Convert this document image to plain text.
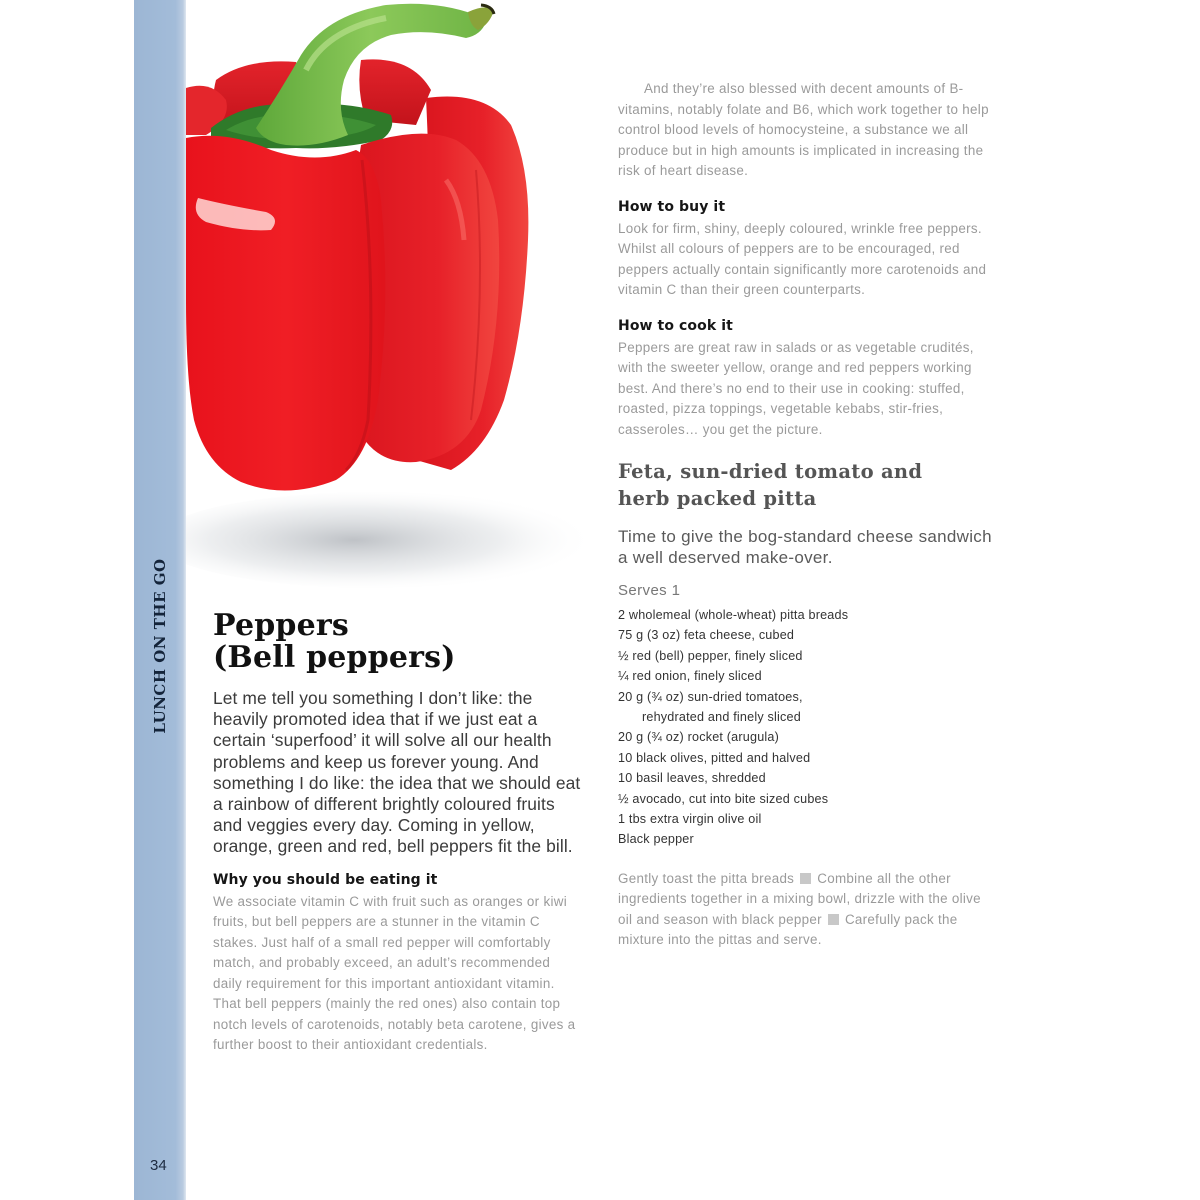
LUNCH ON THE GO
34
Peppers
(Bell peppers)

Let me tell you something I don’t like: the heavily promoted idea that if we just eat a certain ‘superfood’ it will solve all our health problems and keep us forever young. And something I do like: the idea that we should eat a rainbow of different brightly coloured fruits and veggies every day. Coming in yellow, orange, green and red, bell peppers fit the bill.

Why you should be eating it

We associate vitamin C with fruit such as oranges or kiwi fruits, but bell peppers are a stunner in the vitamin C stakes. Just half of a small red pepper will comfortably match, and probably exceed, an adult’s recommended daily requirement for this important antioxidant vitamin. That bell peppers (mainly the red ones) also contain top notch levels of carotenoids, notably beta carotene, gives a further boost to their antioxidant credentials.

And they’re also blessed with decent amounts of B-vitamins, notably folate and B6, which work together to help control blood levels of homocysteine, a substance we all produce but in high amounts is implicated in increasing the risk of heart disease.

How to buy it

Look for firm, shiny, deeply coloured, wrinkle free peppers. Whilst all colours of peppers are to be encouraged, red peppers actually contain significantly more carotenoids and vitamin C than their green counterparts.

How to cook it

Peppers are great raw in salads or as vegetable crudités, with the sweeter yellow, orange and red peppers working best. And there’s no end to their use in cooking: stuffed, roasted, pizza toppings, vegetable kebabs, stir-fries, casseroles… you get the picture.

Feta, sun-dried tomato and
herb packed pitta

Time to give the bog-standard cheese sandwich a well deserved make-over.

Serves 1

2 wholemeal (whole-wheat) pitta breads
75 g (3 oz) feta cheese, cubed
½ red (bell) pepper, finely sliced
¼ red onion, finely sliced
20 g (¾ oz) sun-dried tomatoes,
rehydrated and finely sliced
20 g (¾ oz) rocket (arugula)
10 black olives, pitted and halved
10 basil leaves, shredded
½ avocado, cut into bite sized cubes
1 tbs extra virgin olive oil
Black pepper

Gently toast the pitta breads Combine all the other ingredients together in a mixing bowl, drizzle with the olive oil and season with black pepper Carefully pack the mixture into the pittas and serve.
